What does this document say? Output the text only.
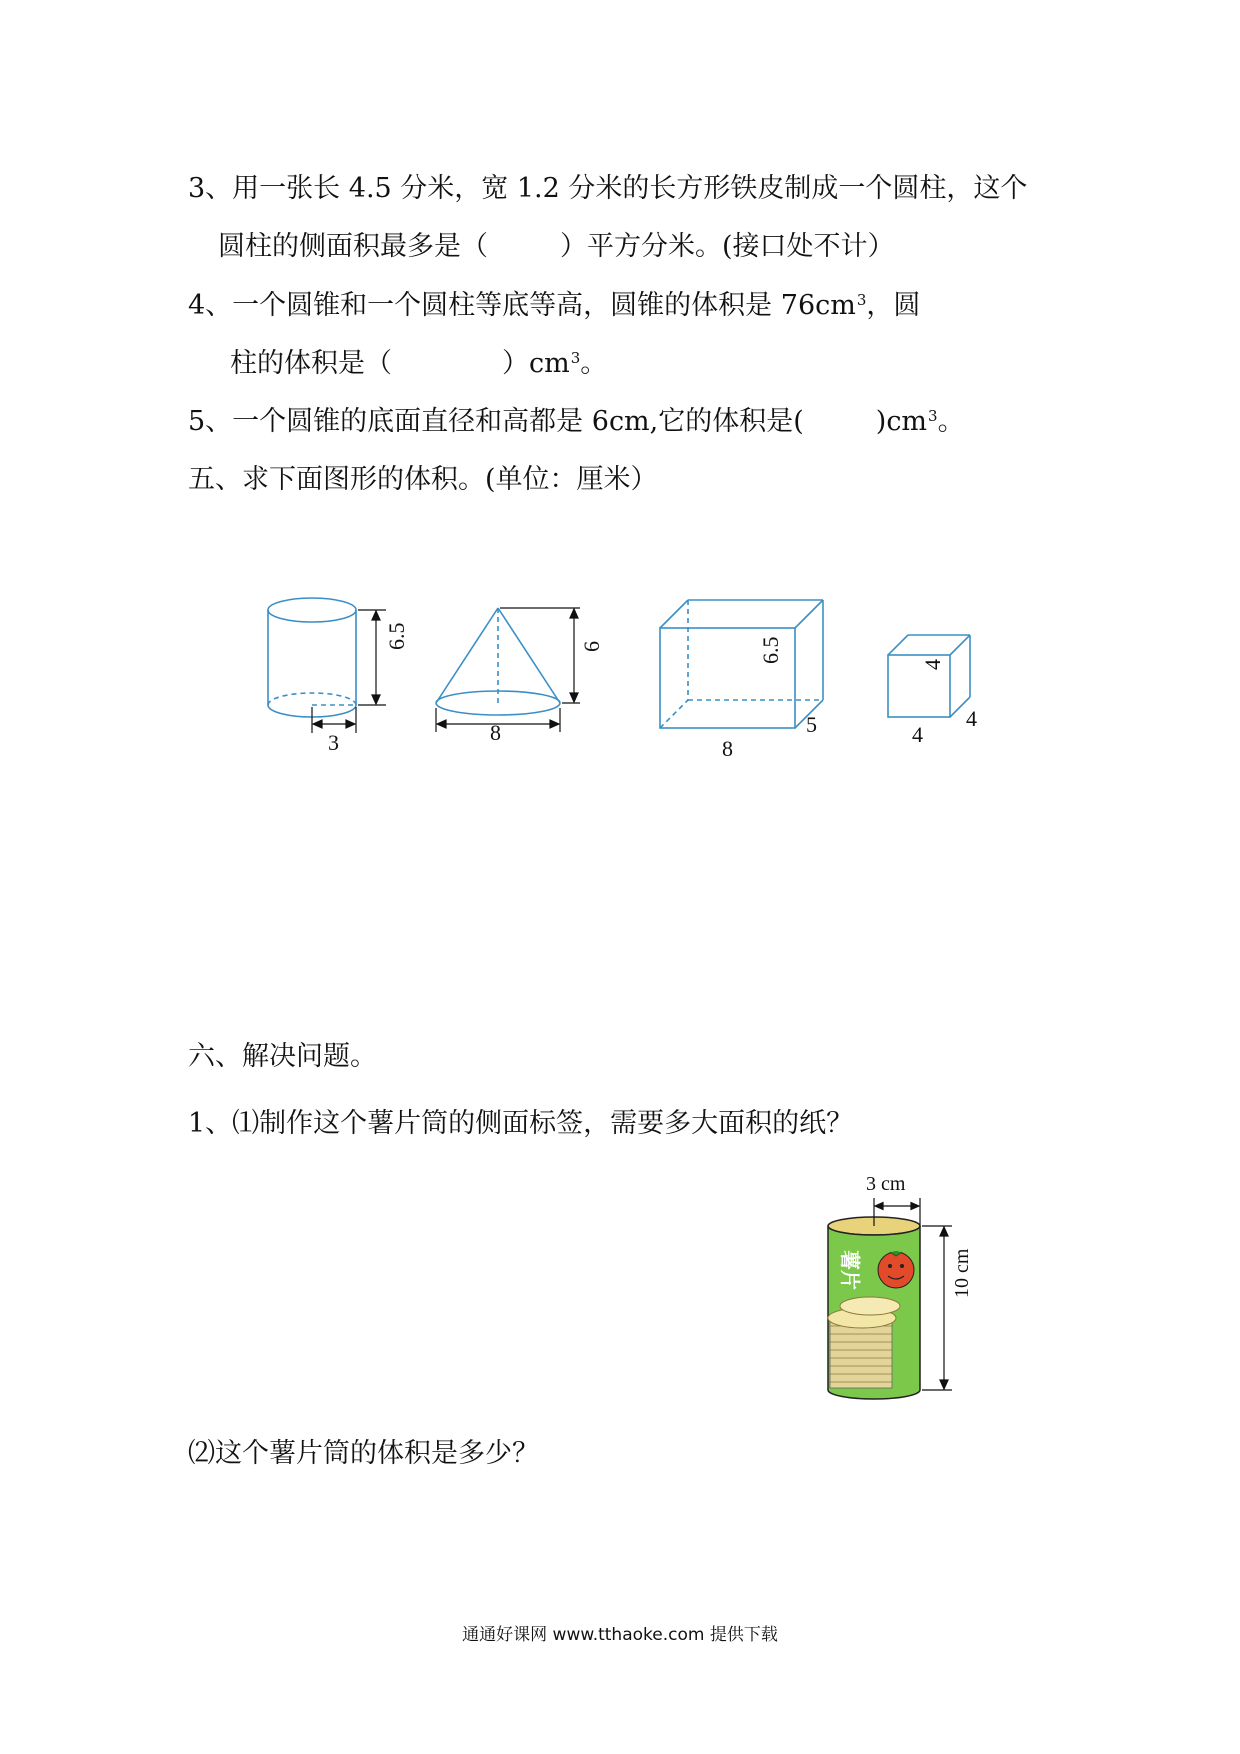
3、用一张长 4.5 分米，宽 1.2 分米的长方形铁皮制成一个圆柱，这个
圆柱的侧面积最多是（	）平方分米。(接口处不计）
4、一个圆锥和一个圆柱等底等高，圆锥的体积是 $76cm^3$，圆
柱的体积是（	）$cm^3$。
5、一个圆锥的底面直径和高都是 6cm,它的体积是(	)$cm^3$。
五、求下面图形的体积。(单位：厘米）
6.5
3
6
8
6.5
8
5
4
4
4
六、解决问题。
1、⑴制作这个薯片筒的侧面标签，需要多大面积的纸？
薯片
3 cm
10 cm
⑵这个薯片筒的体积是多少？
通通好课网 www.tthaoke.com 提供下载
